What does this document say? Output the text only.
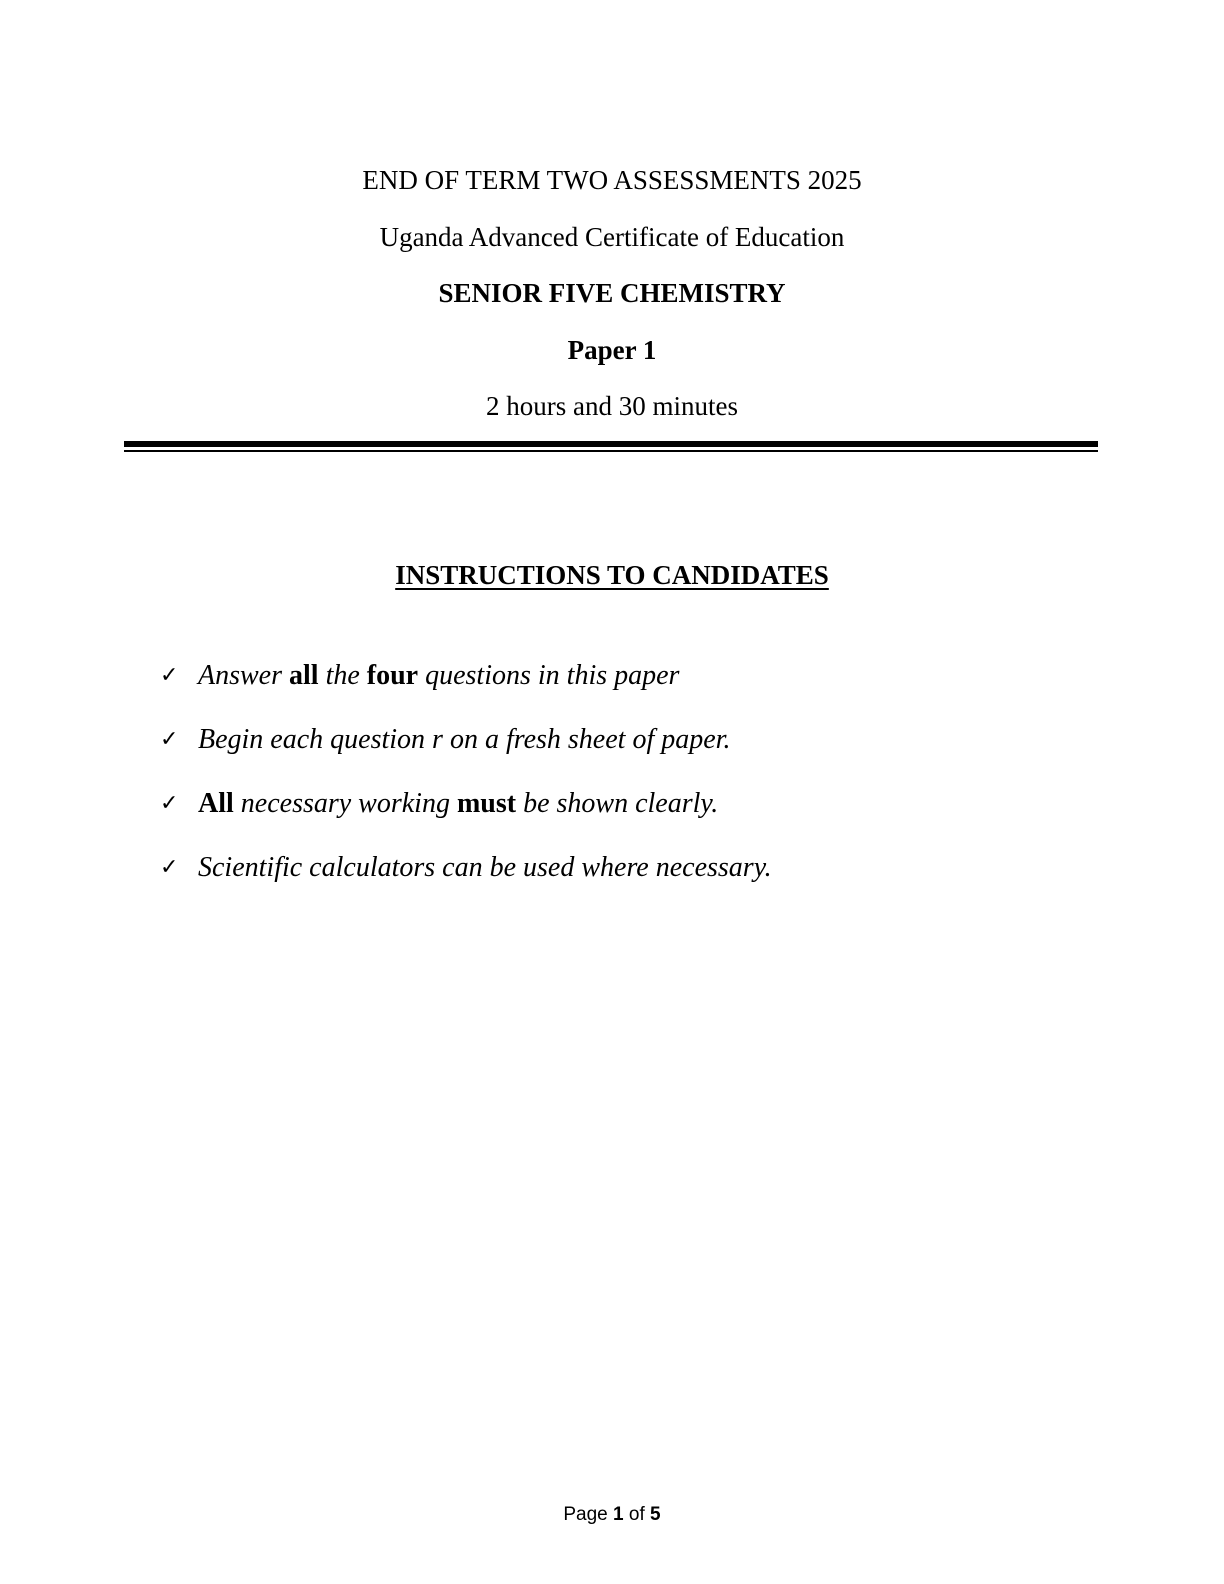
END OF TERM TWO ASSESSMENTS 2025
Uganda Advanced Certificate of Education
SENIOR FIVE CHEMISTRY
Paper 1
2 hours and 30 minutes
INSTRUCTIONS TO CANDIDATES
✓ Answer all the four questions in this paper
✓ Begin each question r on a fresh sheet of paper.
✓ All necessary working must be shown clearly.
✓ Scientific calculators can be used where necessary.
Page 1 of 5
